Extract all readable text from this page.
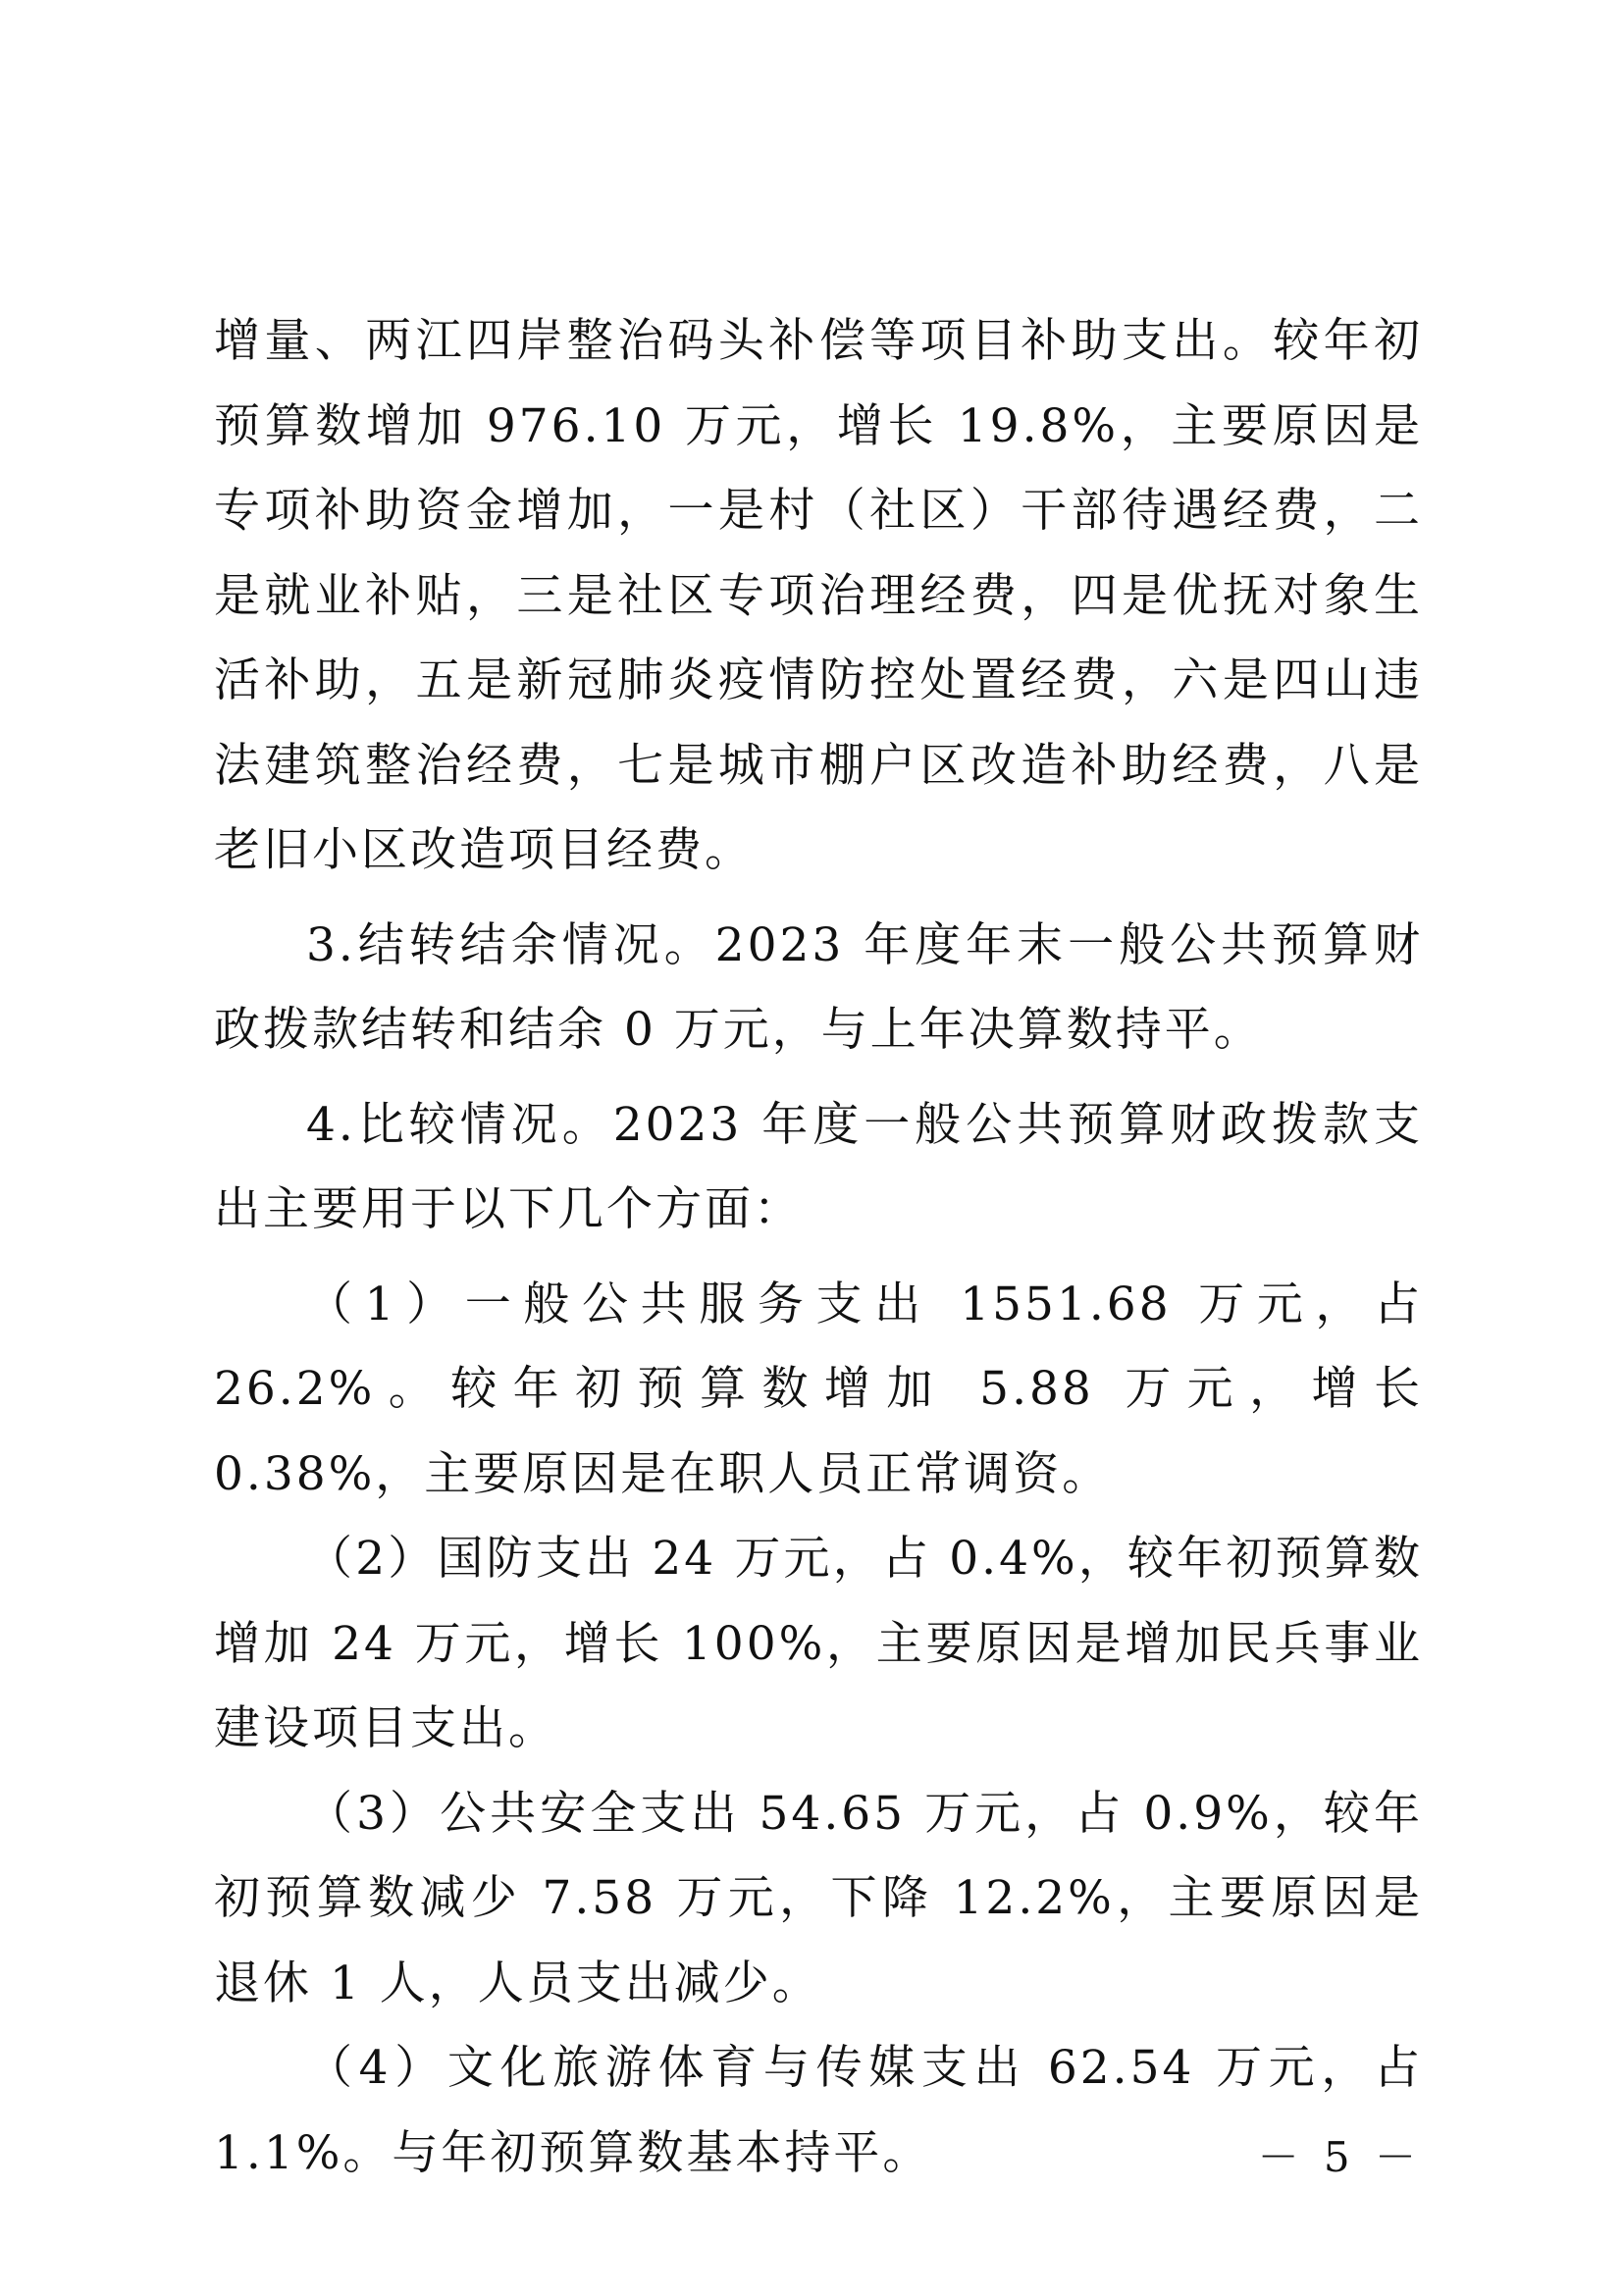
增量、两江四岸整治码头补偿等项目补助支出。较年初预算数增加 976.10 万元，增长 19.8%，主要原因是专项补助资金增加，一是村（社区）干部待遇经费，二是就业补贴，三是社区专项治理经费，四是优抚对象生活补助，五是新冠肺炎疫情防控处置经费，六是四山违法建筑整治经费，七是城市棚户区改造补助经费，八是老旧小区改造项目经费。

3.结转结余情况。2023 年度年末一般公共预算财政拨款结转和结余 0 万元，与上年决算数持平。

4.比较情况。2023 年度一般公共预算财政拨款支出主要用于以下几个方面：

（1）一般公共服务支出 1551.68 万元，占 26.2%。较年初预算数增加 5.88 万元，增长 0.38%，主要原因是在职人员正常调资。

（2）国防支出 24 万元，占 0.4%，较年初预算数增加 24 万元，增长 100%，主要原因是增加民兵事业建设项目支出。

（3）公共安全支出 54.65 万元，占 0.9%，较年初预算数减少 7.58 万元，下降 12.2%，主要原因是退休 1 人，人员支出减少。

（4）文化旅游体育与传媒支出 62.54 万元，占 1.1%。与年初预算数基本持平。	－ 5 －
